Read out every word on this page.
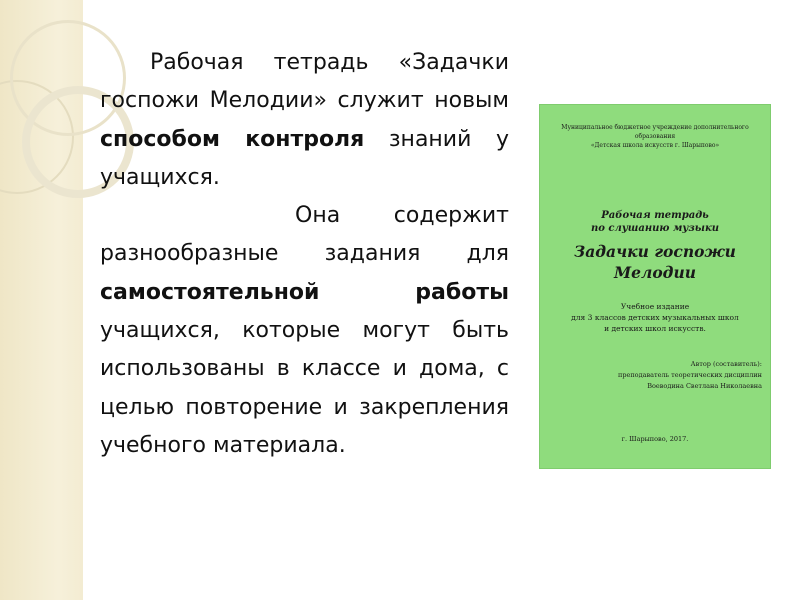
Рабочая тетрадь «Задачки госпожи Мелодии» служит новым способом контроля знаний у учащихся.

Она содержит разнообразные задания для самостоятельной работы учащихся, которые могут быть использованы в классе и дома, с целью повторение и закрепления учебного материала.

Муниципальное бюджетное учреждение дополнительного образования
«Детская школа искусств г. Шарыпово»
Рабочая тетрадь
по слушанию музыки
Задачки госпожи
Мелодии
Учебное издание
для 3 классов детских музыкальных школ
и детских школ искусств.
Автор (составитель):
преподаватель теоретических дисциплин
Воеводина Светлана Николаевна
г. Шарыпово, 2017.
